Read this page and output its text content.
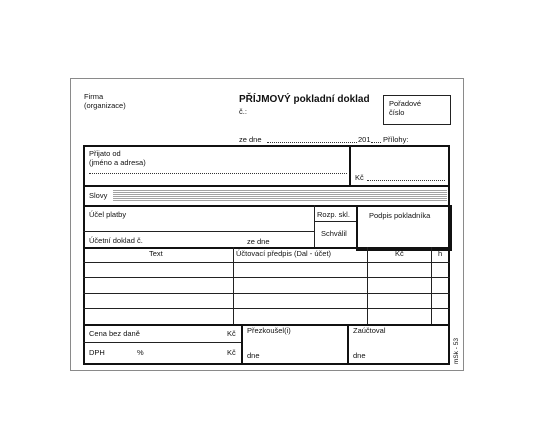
Firma
(organizace)
PŘÍJMOVÝ pokladní doklad
č.:
Pořadové
číslo
ze dne	201 Přílohy:
Přijato od
(jméno a adresa)
Kč
Slovy
Účel platby	Rozp. skl.
Schválil
Podpis pokladníka
Účetní doklad č.	ze dne
Text	Účtovací předpis (Dal - účet)	Kč	h
Cena bez daně	Kč
DPH	%	Kč
Přezkoušel(i)
dne
Zaúčtoval
dne	mSk - 53
